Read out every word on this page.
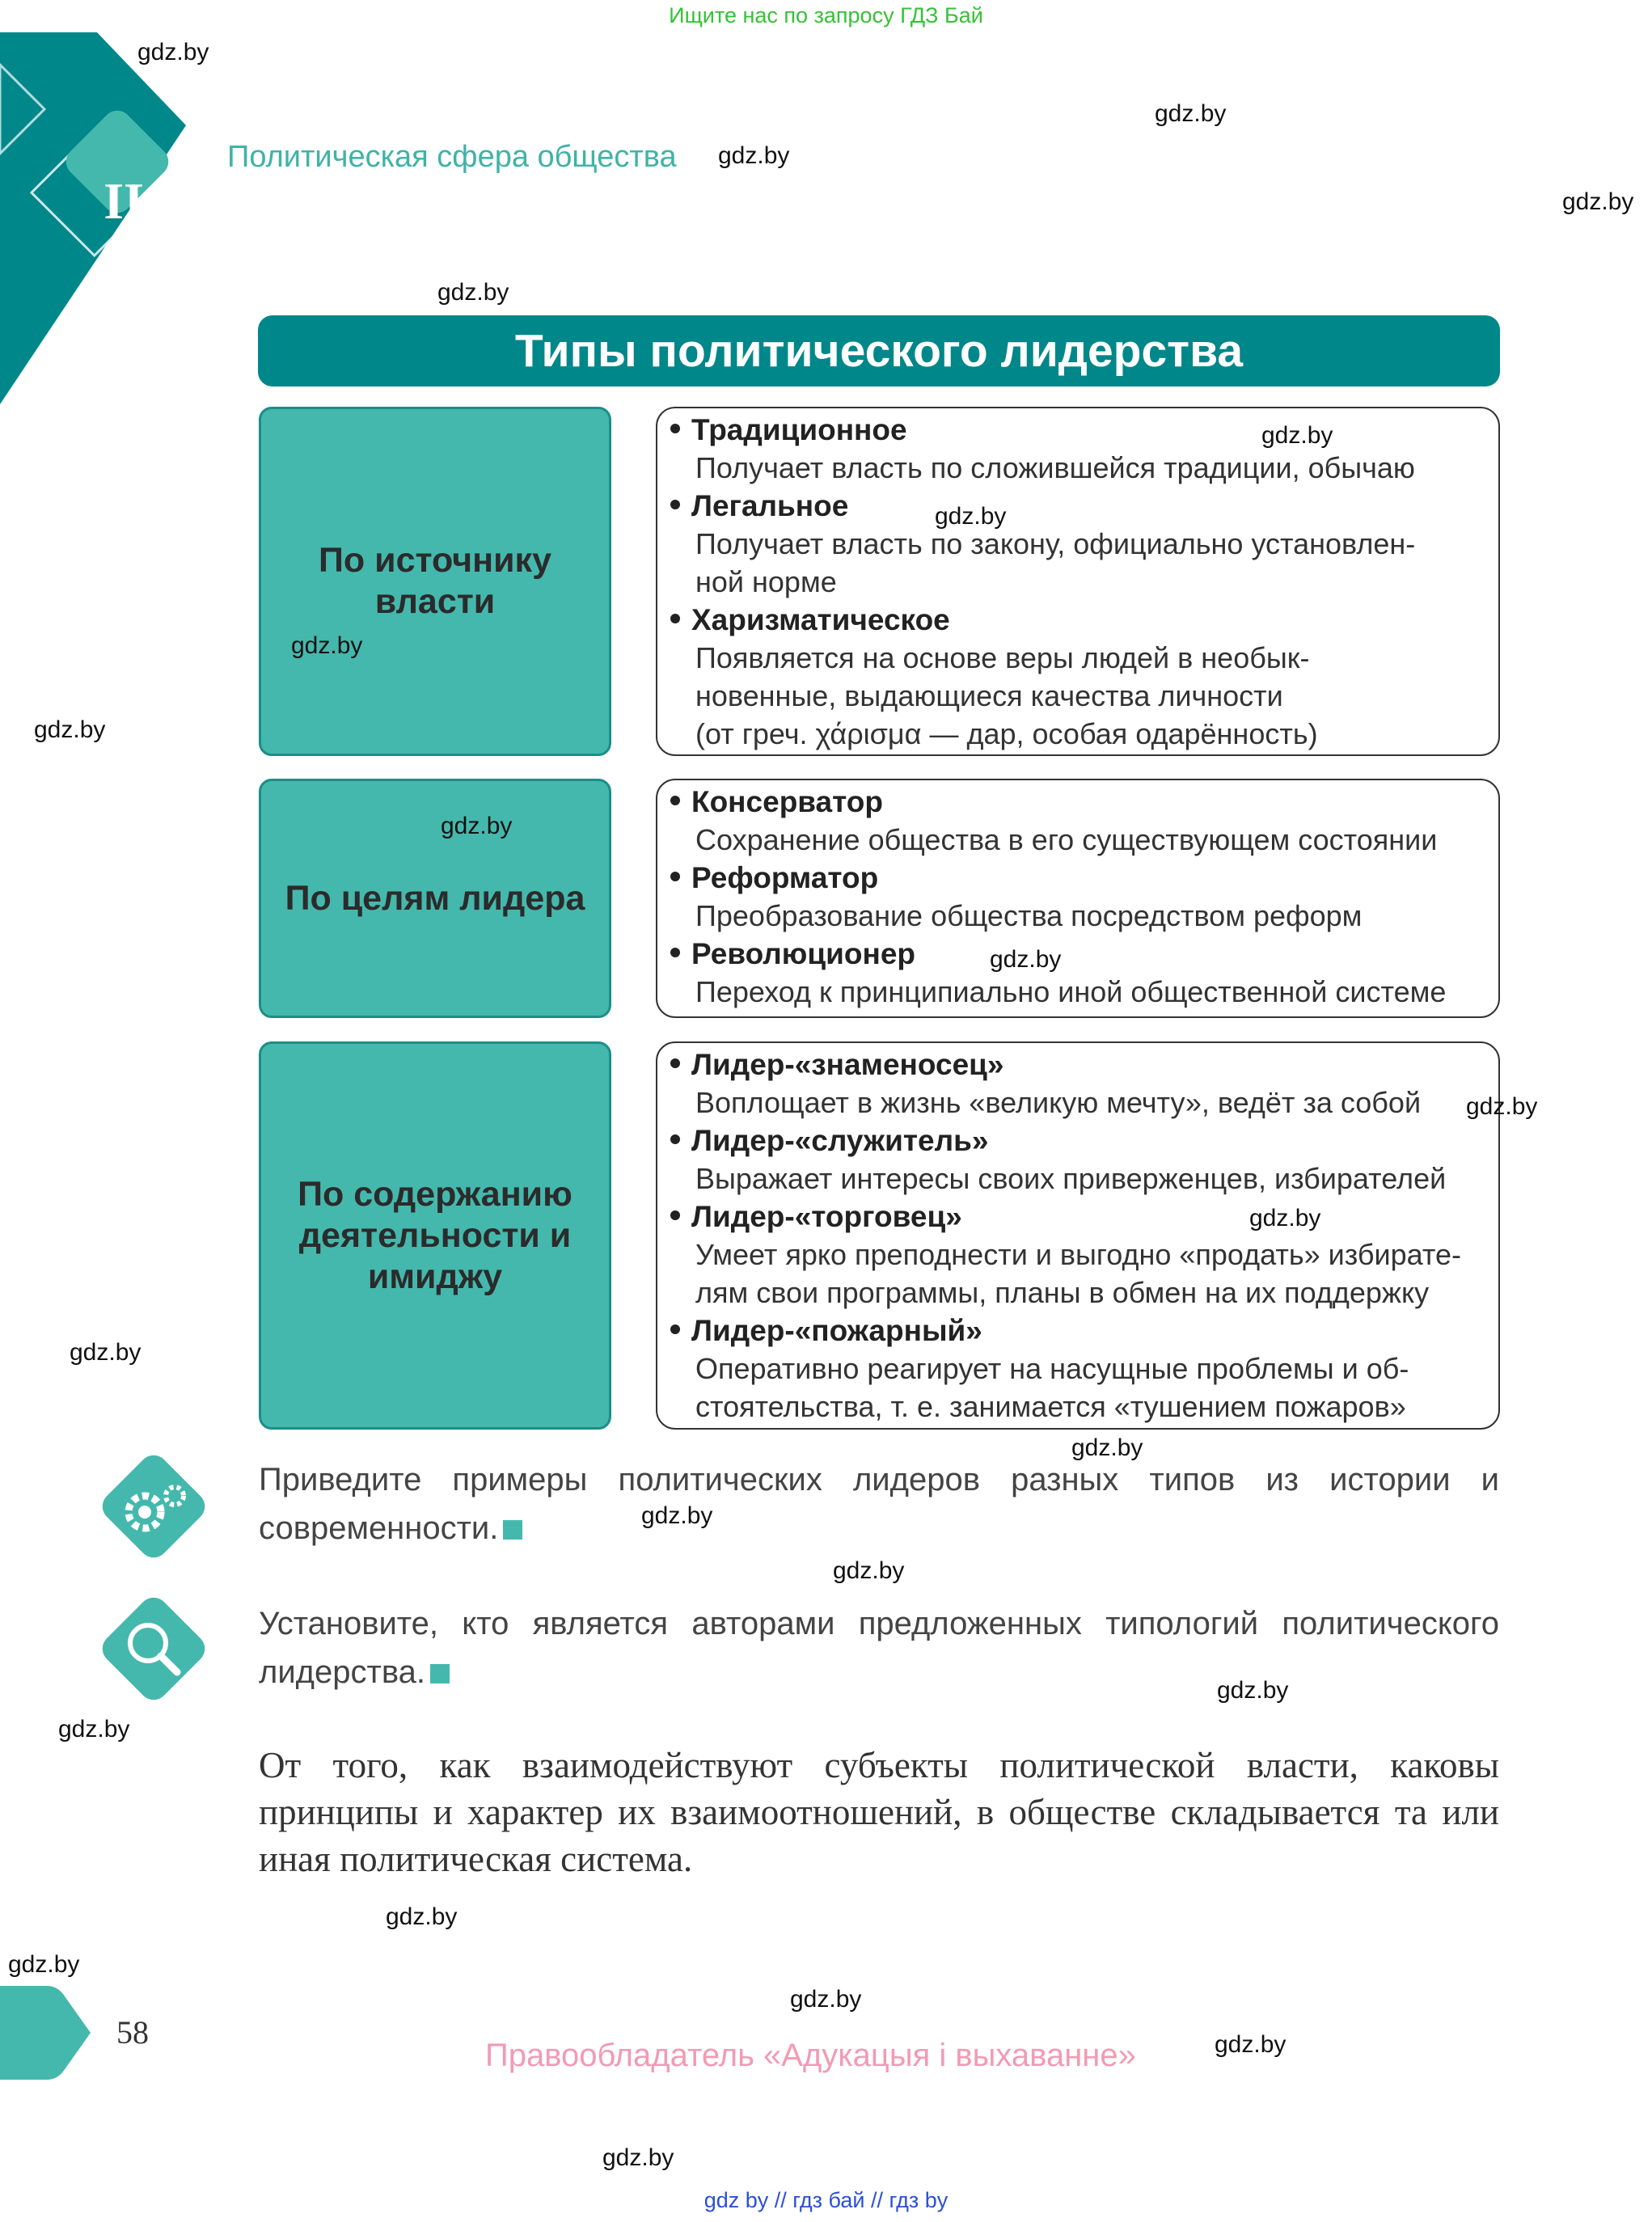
Ищите нас по запросу ГДЗ Бай
II
Политическая сфера общества
Типы политического лидерства
По источнику власти
Традиционное
Получает власть по сложившейся традиции, обычаю
Легальное
Получает власть по закону, официально установлен-
ной норме
Харизматическое
Появляется на основе веры людей в необык-
новенные, выдающиеся качества личности
(от греч. χάρισμα — дар, особая одарённость)
По целям лидера
Консерватор
Сохранение общества в его существующем состоянии
Реформатор
Преобразование общества посредством реформ
Революционер
Переход к принципиально иной общественной системе
По содержанию деятельности и имиджу
Лидер-«знаменосец»
Воплощает в жизнь «великую мечту», ведёт за собой
Лидер-«служитель»
Выражает интересы своих приверженцев, избирателей
Лидер-«торговец»
Умеет ярко преподнести и выгодно «продать» избирате-
лям свои программы, планы в обмен на их поддержку
Лидер-«пожарный»
Оперативно реагирует на насущные проблемы и об-
стоятельства, т. е. занимается «тушением пожаров»
Приведите примеры политических лидеров разных типов из истории и современности.
Установите, кто является авторами предложенных типологий политического лидерства.
От того, как взаимодействуют субъекты политической власти, каковы принципы и характер их взаимоотношений, в обществе складывается та или иная политическая система.
58
Правообладатель «Адукацыя і выхаванне»
gdz.by
gdz.by
gdz.by
gdz.by
gdz.by
gdz.by
gdz.by
gdz.by
gdz.by
gdz.by
gdz.by
gdz.by
gdz.by
gdz.by
gdz.by
gdz.by
gdz.by
gdz.by
gdz.by
gdz.by
gdz.by
gdz.by
gdz.by
gdz.by
gdz by // гдз бай // гдз by
